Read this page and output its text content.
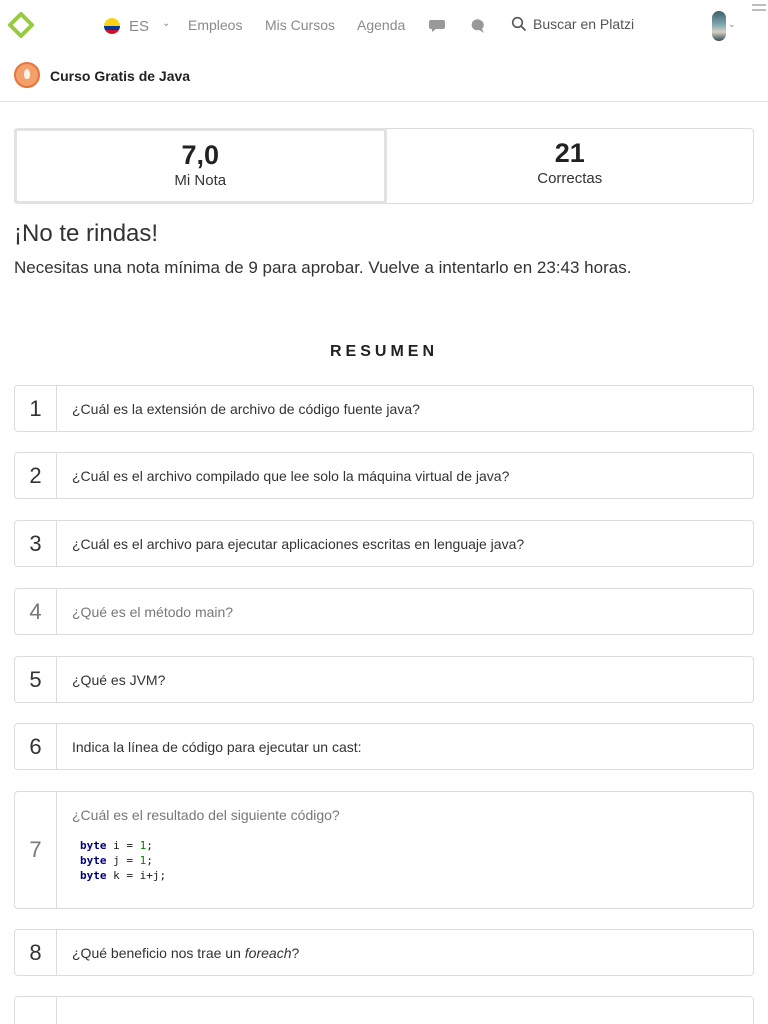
ES ⌄ Empleos Mis Cursos Agenda	Buscar en Platzi	⌄
Curso Gratis de Java
7,0
Mi Nota
21
Correctas
¡No te rindas!
Necesitas una nota mínima de 9 para aprobar. Vuelve a intentarlo en 23:43 horas.
RESUMEN
1	¿Cuál es la extensión de archivo de código fuente java?
2	¿Cuál es el archivo compilado que lee solo la máquina virtual de java?
3	¿Cuál es el archivo para ejecutar aplicaciones escritas en lenguaje java?
4	¿Qué es el método main?
5	¿Qué es JVM?
6	Indica la línea de código para ejecutar un cast:
7
¿Cuál es el resultado del siguiente código?
byte i = 1;
byte j = 1;
byte k = i+j;
8	¿Qué beneficio nos trae un foreach?
